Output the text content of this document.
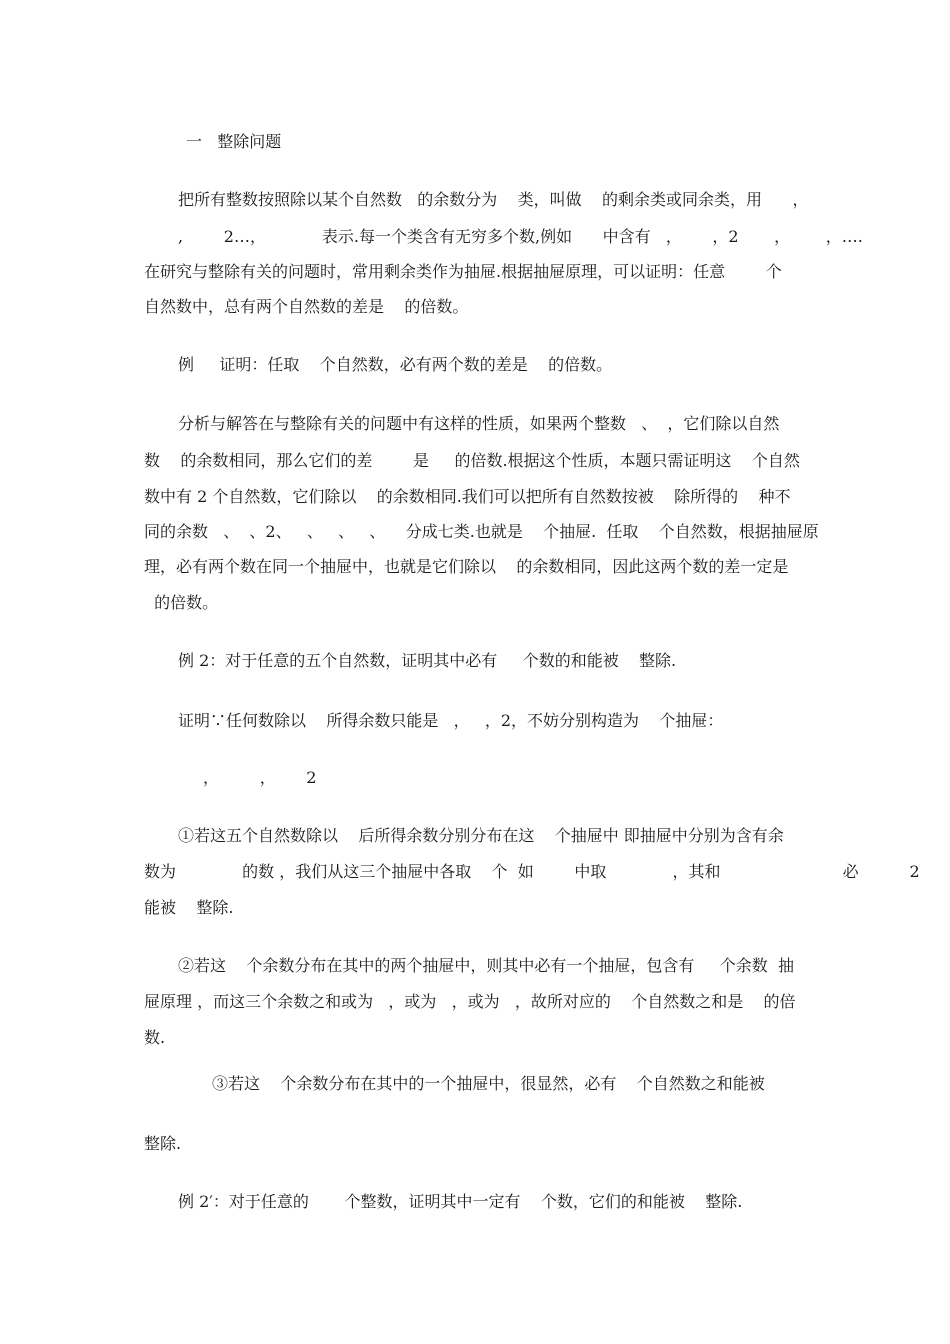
一   整除问题
把所有整数按照除以某个自然数   的余数分为    类，叫做    的剩余类或同余类，用      ，
,        2…，           表示.每一个类含有无穷多个数,例如      中含有   ，      ，2       ，       ，….
在研究与整除有关的问题时，常用剩余类作为抽屉.根据抽屉原理，可以证明：任意        个
自然数中，总有两个自然数的差是    的倍数。
例     证明：任取    个自然数，必有两个数的差是    的倍数。
分析与解答在与整除有关的问题中有这样的性质，如果两个整数   、  ，它们除以自然
数    的余数相同，那么它们的差        是     的倍数.根据这个性质，本题只需证明这    个自然
数中有 2 个自然数，它们除以    的余数相同.我们可以把所有自然数按被    除所得的    种不
同的余数   、  、2、   、   、   、    分成七类.也就是    个抽屉.  任取    个自然数，根据抽屉原
理，必有两个数在同一个抽屉中，也就是它们除以    的余数相同，因此这两个数的差一定是
的倍数。
例 2：对于任意的五个自然数，证明其中必有     个数的和能被    整除.
证明∵任何数除以    所得余数只能是   ，   ，2，不妨分别构造为    个抽屉：
，        ，      2
①若这五个自然数除以    后所得余数分别分布在这    个抽屉中 即抽屉中分别为含有余
数为             的数 ，我们从这三个抽屉中各取    个  如        中取             ，其和                        必          2
能被    整除.
②若这    个余数分布在其中的两个抽屉中，则其中必有一个抽屉，包含有     个余数  抽
屉原理 ，而这三个余数之和或为   ，或为   ，或为   ，故所对应的    个自然数之和是    的倍
数.
③若这    个余数分布在其中的一个抽屉中，很显然，必有    个自然数之和能被
整除.
例 2′：对于任意的       个整数，证明其中一定有    个数，它们的和能被    整除.
